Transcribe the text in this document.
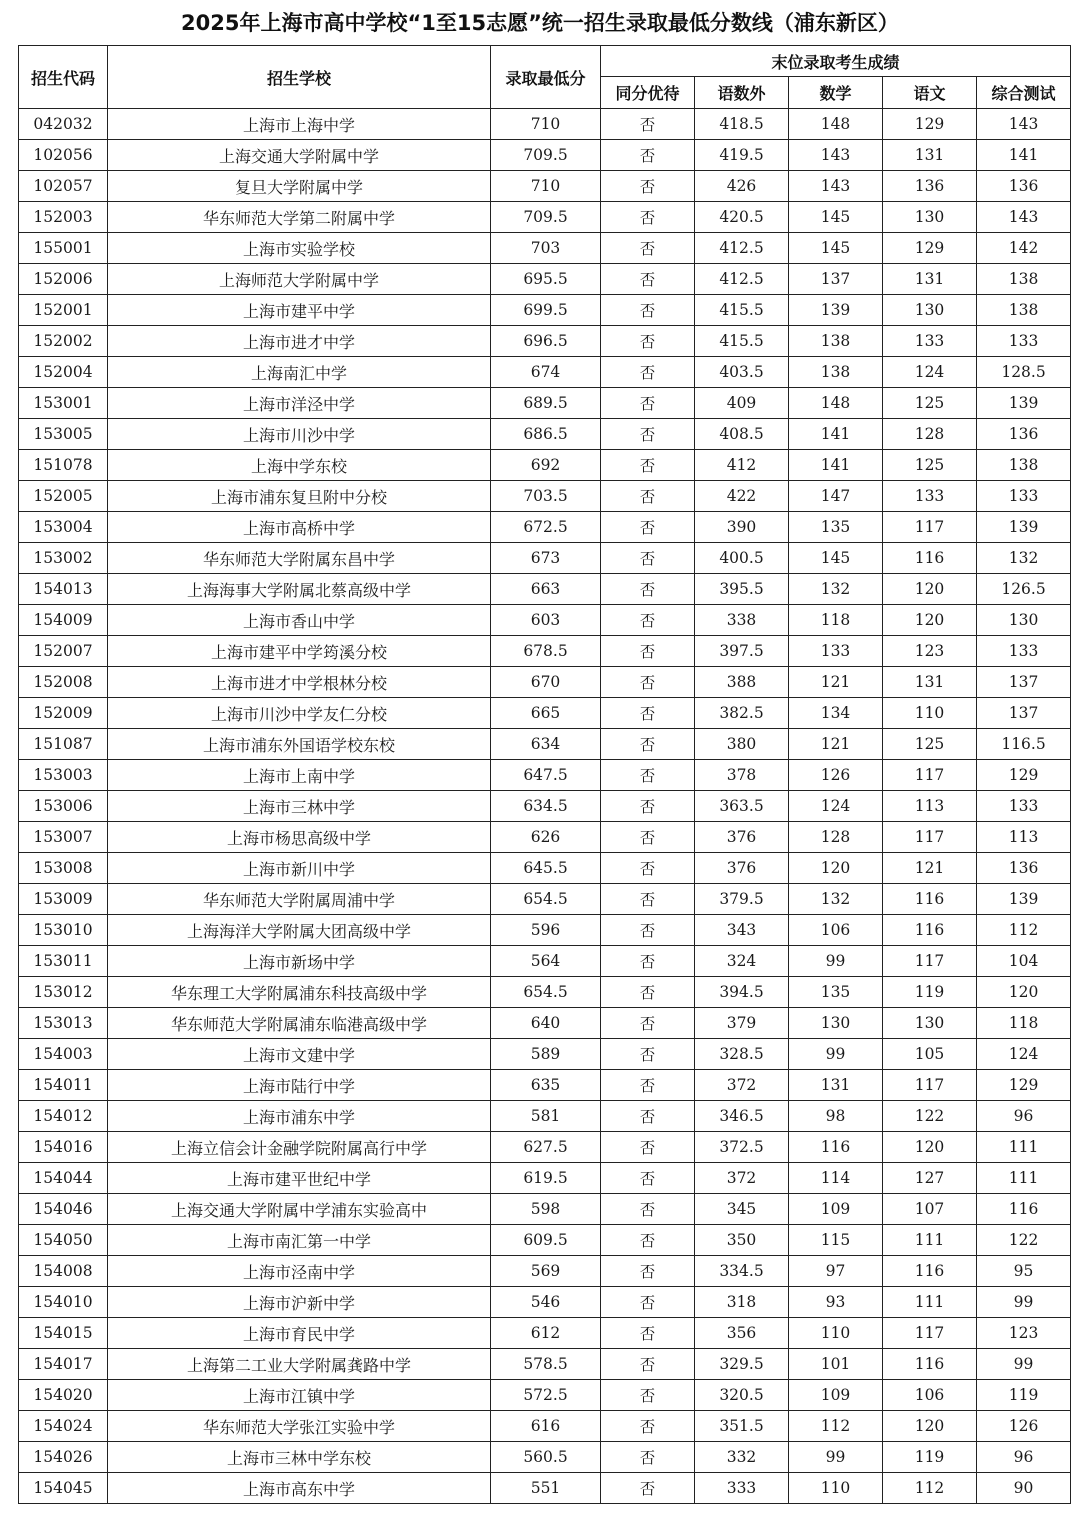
2025年上海市高中学校“1至15志愿”统一招生录取最低分数线（浦东新区）
招生代码	招生学校	录取最低分	末位录取考生成绩				
			同分优待	语数外	数学	语文	综合测试
042032	上海市上海中学	710	否	418.5	148	129	143
102056	上海交通大学附属中学	709.5	否	419.5	143	131	141
102057	复旦大学附属中学	710	否	426	143	136	136
152003	华东师范大学第二附属中学	709.5	否	420.5	145	130	143
155001	上海市实验学校	703	否	412.5	145	129	142
152006	上海师范大学附属中学	695.5	否	412.5	137	131	138
152001	上海市建平中学	699.5	否	415.5	139	130	138
152002	上海市进才中学	696.5	否	415.5	138	133	133
152004	上海南汇中学	674	否	403.5	138	124	128.5
153001	上海市洋泾中学	689.5	否	409	148	125	139
153005	上海市川沙中学	686.5	否	408.5	141	128	136
151078	上海中学东校	692	否	412	141	125	138
152005	上海市浦东复旦附中分校	703.5	否	422	147	133	133
153004	上海市高桥中学	672.5	否	390	135	117	139
153002	华东师范大学附属东昌中学	673	否	400.5	145	116	132
154013	上海海事大学附属北蔡高级中学	663	否	395.5	132	120	126.5
154009	上海市香山中学	603	否	338	118	120	130
152007	上海市建平中学筠溪分校	678.5	否	397.5	133	123	133
152008	上海市进才中学根林分校	670	否	388	121	131	137
152009	上海市川沙中学友仁分校	665	否	382.5	134	110	137
151087	上海市浦东外国语学校东校	634	否	380	121	125	116.5
153003	上海市上南中学	647.5	否	378	126	117	129
153006	上海市三林中学	634.5	否	363.5	124	113	133
153007	上海市杨思高级中学	626	否	376	128	117	113
153008	上海市新川中学	645.5	否	376	120	121	136
153009	华东师范大学附属周浦中学	654.5	否	379.5	132	116	139
153010	上海海洋大学附属大团高级中学	596	否	343	106	116	112
153011	上海市新场中学	564	否	324	99	117	104
153012	华东理工大学附属浦东科技高级中学	654.5	否	394.5	135	119	120
153013	华东师范大学附属浦东临港高级中学	640	否	379	130	130	118
154003	上海市文建中学	589	否	328.5	99	105	124
154011	上海市陆行中学	635	否	372	131	117	129
154012	上海市浦东中学	581	否	346.5	98	122	96
154016	上海立信会计金融学院附属高行中学	627.5	否	372.5	116	120	111
154044	上海市建平世纪中学	619.5	否	372	114	127	111
154046	上海交通大学附属中学浦东实验高中	598	否	345	109	107	116
154050	上海市南汇第一中学	609.5	否	350	115	111	122
154008	上海市泾南中学	569	否	334.5	97	116	95
154010	上海市沪新中学	546	否	318	93	111	99
154015	上海市育民中学	612	否	356	110	117	123
154017	上海第二工业大学附属龚路中学	578.5	否	329.5	101	116	99
154020	上海市江镇中学	572.5	否	320.5	109	106	119
154024	华东师范大学张江实验中学	616	否	351.5	112	120	126
154026	上海市三林中学东校	560.5	否	332	99	119	96
154045	上海市高东中学	551	否	333	110	112	90
